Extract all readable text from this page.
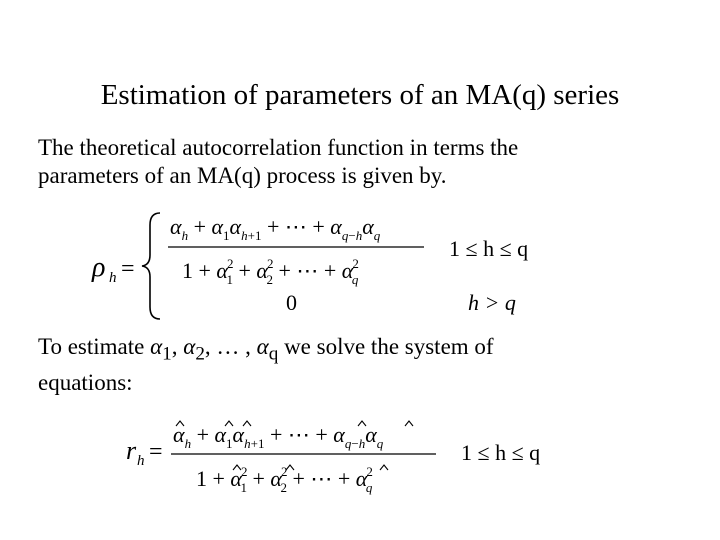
Estimation of parameters of an MA(q) series
The theoretical autocorrelation function in terms the
parameters of an MA(q) process is given by.
To estimate $\alpha_1$, $\alpha_2$, … , $\alpha_q$ we solve the system of
equations:
ρ h =
$\alpha_h + \alpha_1\alpha_{h+1}$ + ⋯ + $\alpha_{q-h}\alpha_q$
1 + α2 1 + α2 2 + ⋯ + α2 q
1 ≤ h ≤ q
0	h > q
r h =
$\alpha_h + \alpha_1\alpha_{h+1}$ + ⋯ + $\alpha_{q-h}\alpha_q$
1 + α2 1 + α2 2 + ⋯ + α2 q
1 ≤ h ≤ q
